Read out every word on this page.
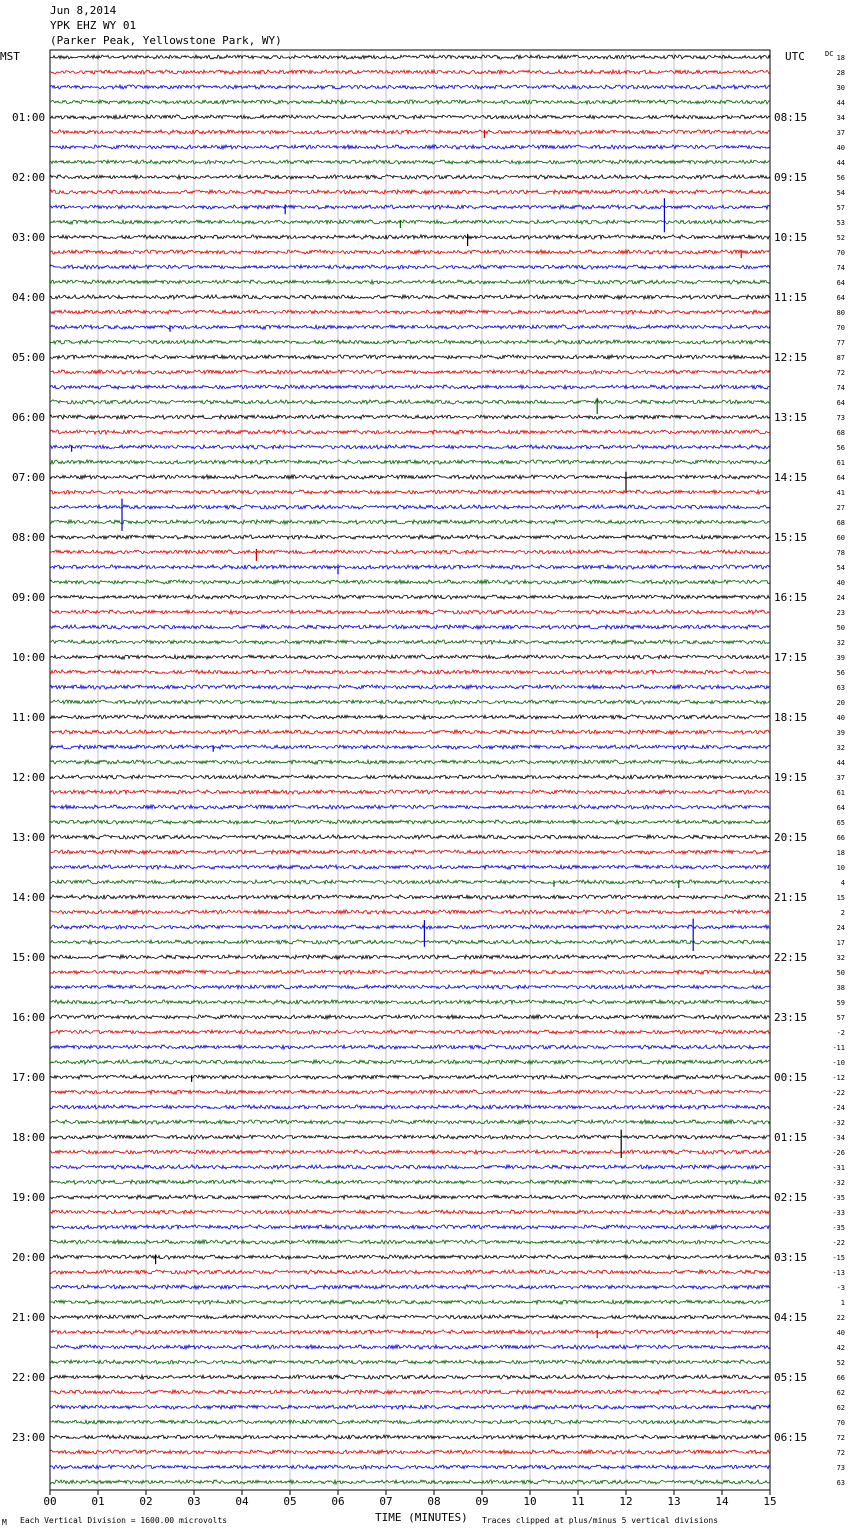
Jun 8,2014
YPK EHZ WY 01
(Parker Peak, Yellowstone Park, WY)
MST	UTC	DC
00	01	02	03	04	05	06	07	08	09	10	11	12	13	14	15
18
28
30
44
34
37
40
44
56
54
57
53
52
70
74
64
64
80
70
77
87
72
74
64
73
68
56
61
64
41
27
68
60
78
54
40
24
23
50
32
39
56
63
20
40
39
32
44
37
61
64
65
66
18
10
4
15
2
24
17
32
50
38
59
57
-2
-11
-10
-12
-22
-24
-32
-34
-26
-31
-32
-35
-33
-35
-22
-15
-13
-3
1
22
40
42
52
66
62
62
70
72
72
73
63
01:00	08:15
02:00	09:15
03:00	10:15
04:00	11:15
05:00	12:15
06:00	13:15
07:00	14:15
08:00	15:15
09:00	16:15
10:00	17:15
11:00	18:15
12:00	19:15
13:00	20:15
14:00	21:15
15:00	22:15
16:00	23:15
17:00	00:15
18:00	01:15
19:00	02:15
20:00	03:15
21:00	04:15
22:00	05:15
23:00	06:15
M Each Vertical Division = 1600.00 microvolts	TIME (MINUTES) Traces clipped at plus/minus 5 vertical divisions
